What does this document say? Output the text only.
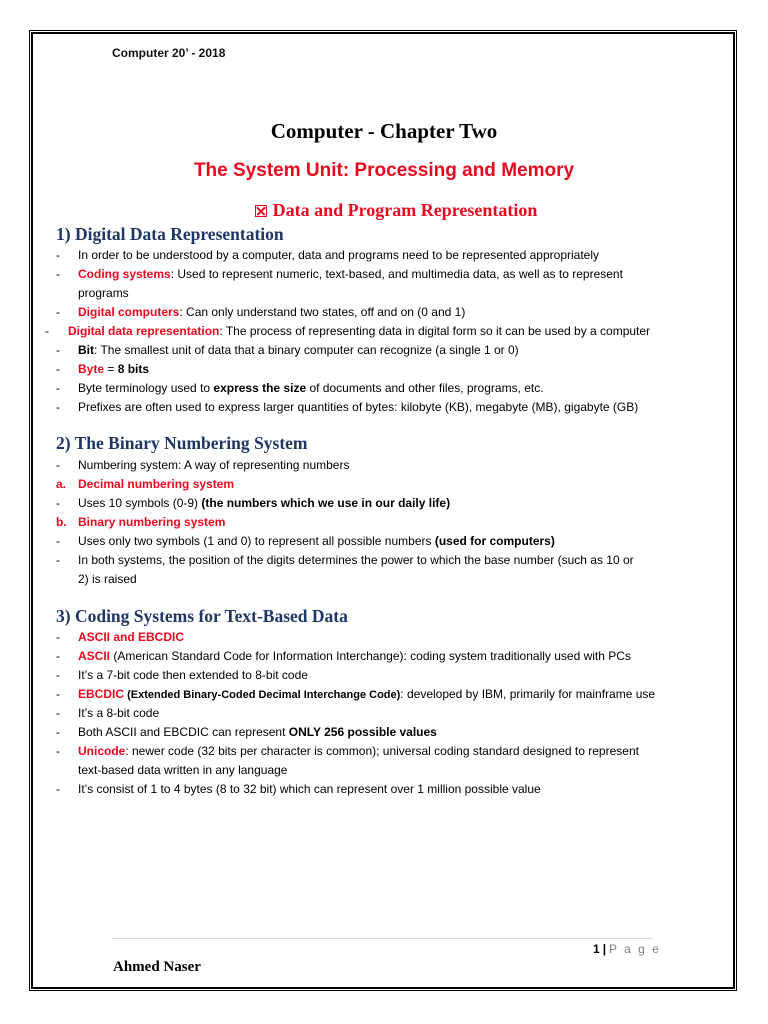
Computer 20’ - 2018
Computer - Chapter Two
The System Unit: Processing and Memory
Data and Program Representation
1) Digital Data Representation
- In order to be understood by a computer, data and programs need to be represented appropriately
- Coding systems: Used to represent numeric, text-based, and multimedia data, as well as to represent
programs
- Digital computers: Can only understand two states, off and on (0 and 1)
- Digital data representation: The process of representing data in digital form so it can be used by a computer
- Bit: The smallest unit of data that a binary computer can recognize (a single 1 or 0)
- Byte = 8 bits
- Byte terminology used to express the size of documents and other files, programs, etc.
- Prefixes are often used to express larger quantities of bytes: kilobyte (KB), megabyte (MB), gigabyte (GB)
2) The Binary Numbering System
- Numbering system: A way of representing numbers
a. Decimal numbering system
- Uses 10 symbols (0-9) (the numbers which we use in our daily life)
b. Binary numbering system
- Uses only two symbols (1 and 0) to represent all possible numbers (used for computers)
- In both systems, the position of the digits determines the power to which the base number (such as 10 or
2) is raised
3) Coding Systems for Text-Based Data
- ASCII and EBCDIC
- ASCII (American Standard Code for Information Interchange): coding system traditionally used with PCs
- It’s a 7-bit code then extended to 8-bit code
- EBCDIC (Extended Binary-Coded Decimal Interchange Code): developed by IBM, primarily for mainframe use
- It’s a 8-bit code
- Both ASCII and EBCDIC can represent ONLY 256 possible values
- Unicode: newer code (32 bits per character is common); universal coding standard designed to represent
text-based data written in any language
- It’s consist of 1 to 4 bytes (8 to 32 bit) which can represent over 1 million possible value
1 | P a g e
Ahmed Naser
